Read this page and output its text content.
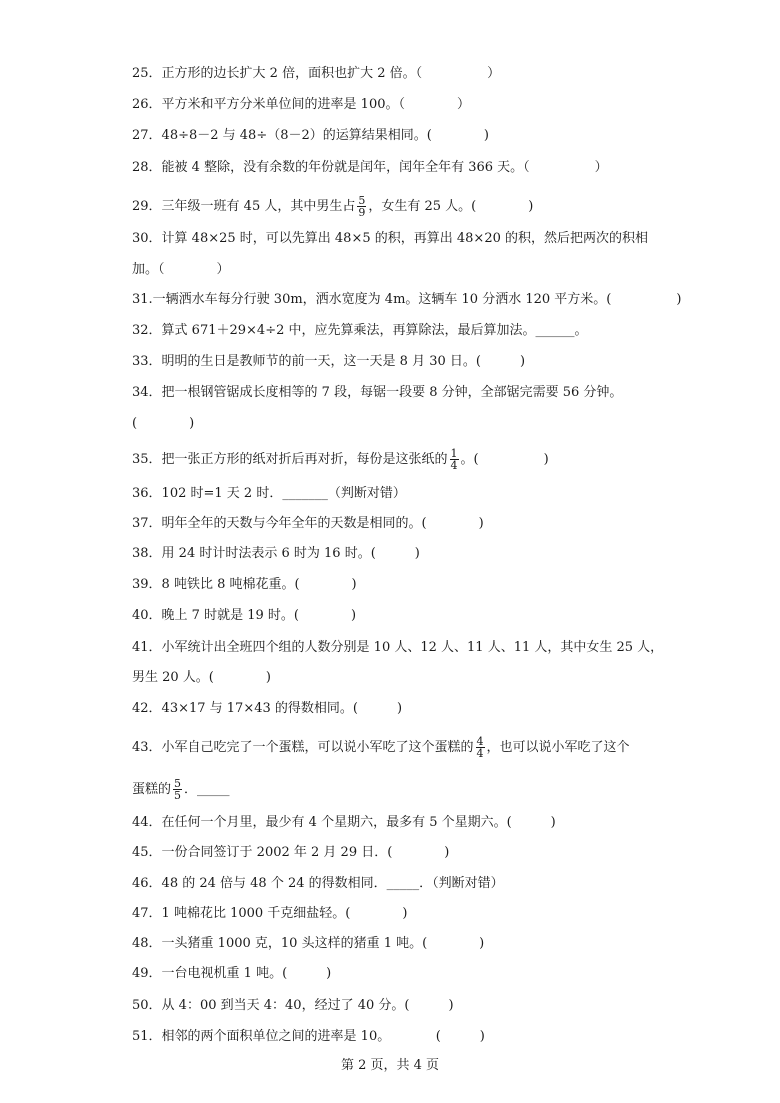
25．正方形的边长扩大 2 倍，面积也扩大 2 倍。（　　　　　）
26．平方米和平方分米单位间的进率是 100。（　　　　）
27．48÷8－2 与 48÷（8－2）的运算结果相同。(　　　　)
28．能被 4 整除，没有余数的年份就是闰年，闰年全年有 366 天。（　　　　　）
29．三年级一班有 45 人，其中男生占 $\frac{5}{9}$ ，女生有 25 人。(　　　　)
30．计算 48×25 时，可以先算出 48×5 的积，再算出 48×20 的积，然后把两次的积相
加。（　　　　）
31.一辆洒水车每分行驶 30m，洒水宽度为 4m。这辆车 10 分洒水 120 平方米。(　　　　　)
32．算式 671＋29×4÷2 中，应先算乘法，再算除法，最后算加法。______。
33．明明的生日是教师节的前一天，这一天是 8 月 30 日。(　　　)
34．把一根钢管锯成长度相等的 7 段，每锯一段要 8 分钟，全部锯完需要 56 分钟。
(　　　　)
35．把一张正方形的纸对折后再对折，每份是这张纸的 $\frac{1}{4}$ 。(　　　　　)
36．102 时=1 天 2 时．_______（判断对错）
37．明年全年的天数与今年全年的天数是相同的。(　　　　)
38．用 24 时计时法表示 6 时为 16 时。(　　　)
39．8 吨铁比 8 吨棉花重。(　　　　)
40．晚上 7 时就是 19 时。(　　　　)
41．小军统计出全班四个组的人数分别是 10 人、12 人、11 人、11 人，其中女生 25 人，
男生 20 人。(　　　　)
42．43×17 与 17×43 的得数相同。(　　　)
43．小军自己吃完了一个蛋糕，可以说小军吃了这个蛋糕的 $\frac{4}{4}$ ，也可以说小军吃了这个
蛋糕的 $\frac{5}{5}$ ．_____
44．在任何一个月里，最少有 4 个星期六，最多有 5 个星期六。(　　　)
45．一份合同签订于 2002 年 2 月 29 日．(　　　　)
46．48 的 24 倍与 48 个 24 的得数相同．_____．（判断对错）
47．1 吨棉花比 1000 千克细盐轻。(　　　　)
48．一头猪重 1000 克，10 头这样的猪重 1 吨。(　　　　)
49．一台电视机重 1 吨。(　　　)
50．从 4：00 到当天 4：40，经过了 40 分。(　　　)
51．相邻的两个面积单位之间的进率是 10。　　　　(　　　)
第 2 页，共 4 页
